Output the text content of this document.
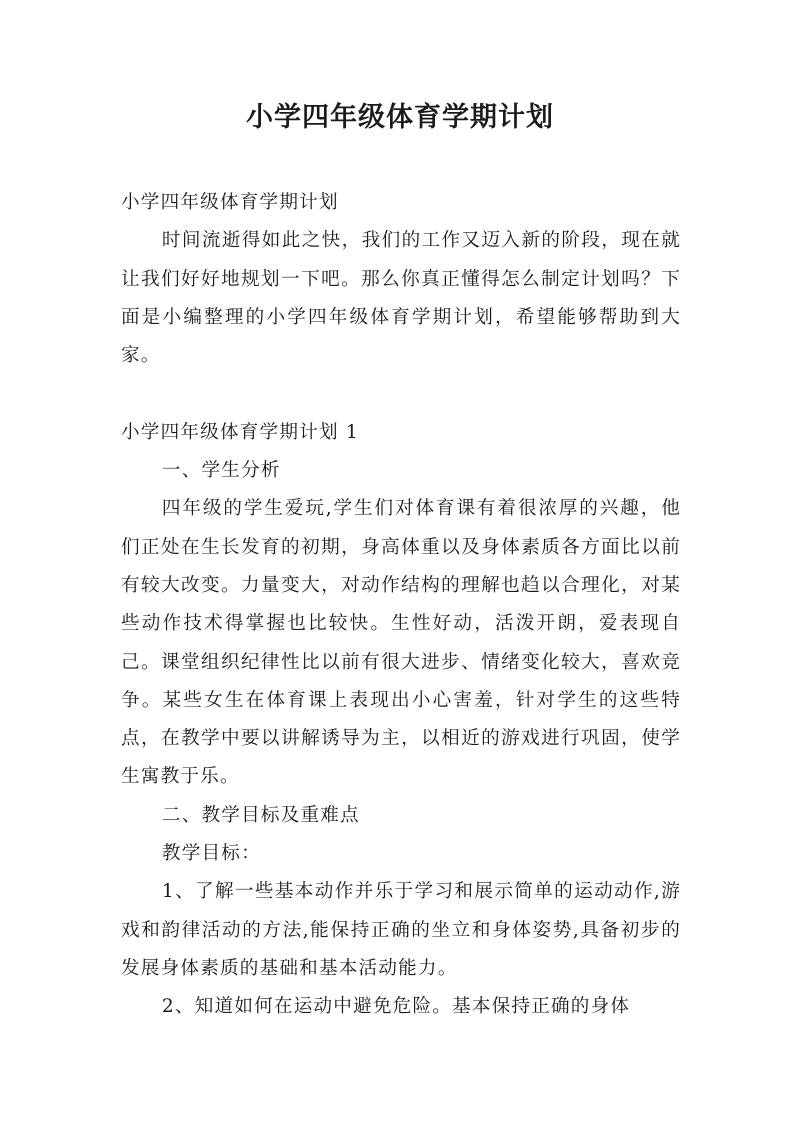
小学四年级体育学期计划

小学四年级体育学期计划

时间流逝得如此之快，我们的工作又迈入新的阶段，现在就让我们好好地规划一下吧。那么你真正懂得怎么制定计划吗？下面是小编整理的小学四年级体育学期计划，希望能够帮助到大家。

小学四年级体育学期计划 1

一、学生分析

四年级的学生爱玩,学生们对体育课有着很浓厚的兴趣，他们正处在生长发育的初期，身高体重以及身体素质各方面比以前有较大改变。力量变大，对动作结构的理解也趋以合理化，对某些动作技术得掌握也比较快。生性好动，活泼开朗，爱表现自己。课堂组织纪律性比以前有很大进步、情绪变化较大，喜欢竞争。某些女生在体育课上表现出小心害羞，针对学生的这些特点，在教学中要以讲解诱导为主，以相近的游戏进行巩固，使学生寓教于乐。

二、教学目标及重难点

教学目标：

1、了解一些基本动作并乐于学习和展示简单的运动动作,游戏和韵律活动的方法,能保持正确的坐立和身体姿势,具备初步的发展身体素质的基础和基本活动能力。

2、知道如何在运动中避免危险。基本保持正确的身体
